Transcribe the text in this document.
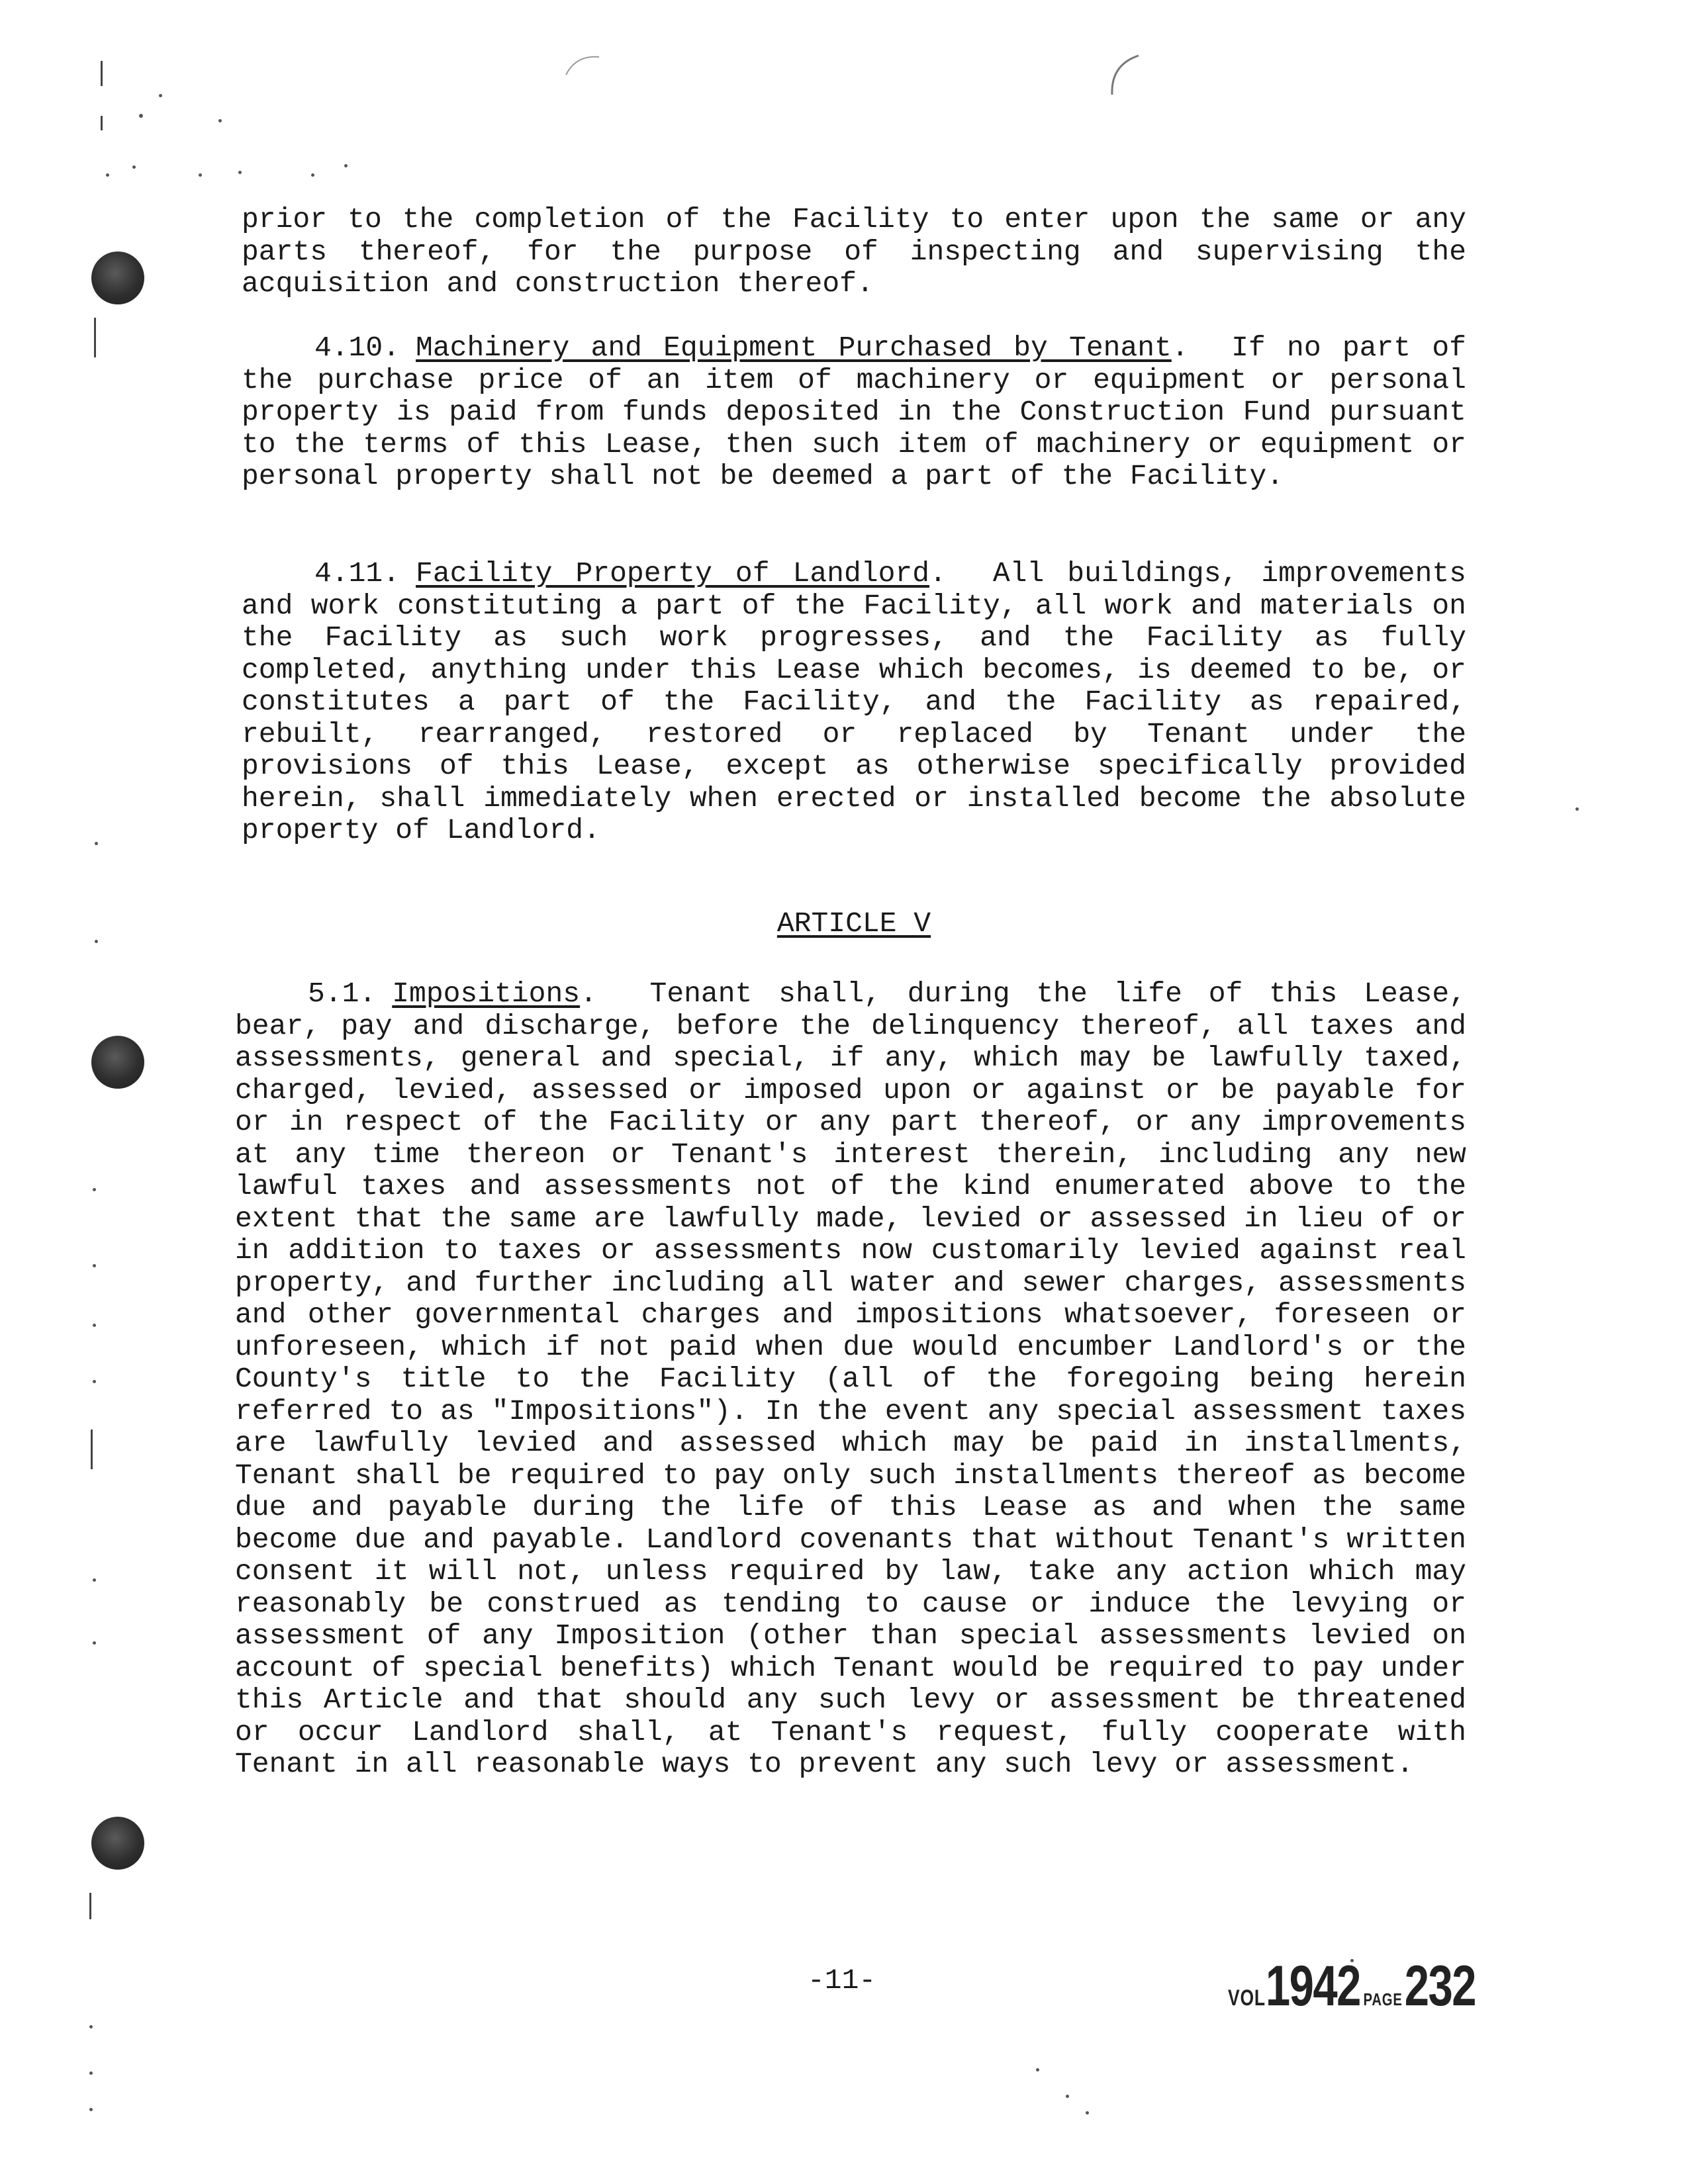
prior to the completion of the Facility to enter upon the same or any parts thereof, for the purpose of inspecting and supervising the acquisition and construction thereof.

4.10. Machinery and Equipment Purchased by Tenant.  If no part of the purchase price of an item of machinery or equipment or personal property is paid from funds deposited in the Construction Fund pursuant to the terms of this Lease, then such item of machinery or equipment or personal property shall not be deemed a part of the Facility.

4.11. Facility Property of Landlord.  All buildings, improvements and work constituting a part of the Facility, all work and materials on the Facility as such work progresses, and the Facility as fully completed, anything under this Lease which becomes, is deemed to be, or constitutes a part of the Facility, and the Facility as repaired, rebuilt, rearranged, restored or replaced by Tenant under the provisions of this Lease, except as otherwise specifically provided herein, shall immediately when erected or installed become the absolute property of Landlord.

ARTICLE V

5.1. Impositions.  Tenant shall, during the life of this Lease, bear, pay and discharge, before the delinquency thereof, all taxes and assessments, general and special, if any, which may be lawfully taxed, charged, levied, assessed or imposed upon or against or be payable for or in respect of the Facility or any part thereof, or any improvements at any time thereon or Tenant's interest therein, including any new lawful taxes and assessments not of the kind enumerated above to the extent that the same are lawfully made, levied or assessed in lieu of or in addition to taxes or assessments now customarily levied against real property, and further including all water and sewer charges, assessments and other governmental charges and impositions whatsoever, foreseen or unforeseen, which if not paid when due would encumber Landlord's or the County's title to the Facility (all of the foregoing being herein referred to as "Impositions"). In the event any special assessment taxes are lawfully levied and assessed which may be paid in installments, Tenant shall be required to pay only such installments thereof as become due and payable during the life of this Lease as and when the same become due and payable. Landlord covenants that without Tenant's written consent it will not, unless required by law, take any action which may reasonably be construed as tending to cause or induce the levying or assessment of any Imposition (other than special assessments levied on account of special benefits) which Tenant would be required to pay under this Article and that should any such levy or assessment be threatened or occur Landlord shall, at Tenant's request, fully cooperate with Tenant in all reasonable ways to prevent any such levy or assessment.

-11-
VOL1942 PAGE232
